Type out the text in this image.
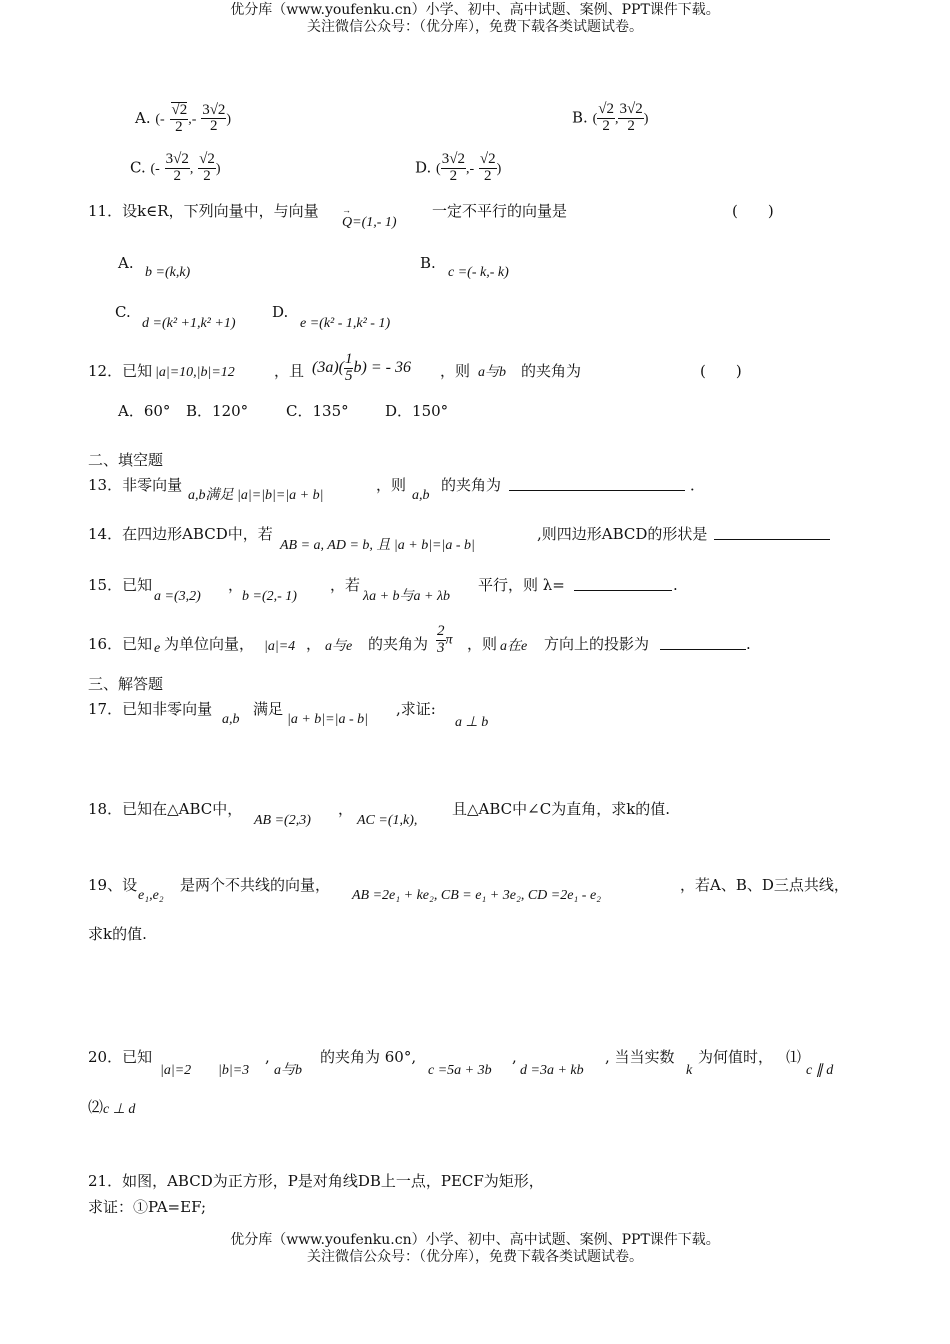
优分库（www.youfenku.cn）小学、初中、高中试题、案例、PPT课件下载。
关注微信公众号：（优分库），免费下载各类试题试卷。
A. (- $\frac{√2}{2}$ ,- $\frac{3√2}{2}$ )	B. ( $\frac{√2}{2}$ , $\frac{3√2}{2}$ )
C. (- $\frac{3√2}{2}$ , $\frac{√2}{2}$ )	D. ( $\frac{3√2}{2}$ ,- $\frac{√2}{2}$ )
11．设k∈R，下列向量中，与向量
→ Q=(1,- 1)
一定不平行的向量是	(　　)
A.
b =(k,k)
B.
c =(- k,- k)
C.
d =(k² +1,k² +1)
D.
e =(k² - 1,k² - 1)
12．已知 |a|=10,|b|=12	，且 $(3a)( \frac{1}{5} b)$ = - 36 ，则 a与b 的夹角为	(　　)
A．60° B．120°	C．135° D．150°
二、填空题
13．非零向量
a,b满足 |a|=|b|=|a + b|
，则
a,b
的夹角为	．
14．在四边形ABCD中，若
AB = a, AD = b, 且 |a + b|=|a - b|
,则四边形ABCD的形状是
15．已知
a =(3,2)
，
b =(2,- 1)
，若
λa + b与a + λb
平行，则 λ=	.
16．已知 e 为单位向量， |a|=4 ， a与e 的夹角为 $\frac{2}{3}$ π ，则 a在e 方向上的投影为	.
三、解答题
17．已知非零向量
a,b
满足
|a + b|=|a - b|
,求证:
a ⊥ b
18．已知在△ABC中，
AB =(2,3)
，
AC =(1,k),
且△ABC中∠C为直角，求k的值.
19、设
e₁,e₂
是两个不共线的向量，
AB =2e₁ + ke₂, CB = e₁ + 3e₂, CD =2e₁ - e₂
，若A、B、D三点共线，
求k的值.
20．已知
|a|=2 |b|=3
,
a与b
的夹角为 60°,
c =5a + 3b
,
d =3a + kb
, 当当实数
k
为何值时， ⑴
c ∥ d
⑵ c ⊥ d
21．如图，ABCD为正方形，P是对角线DB上一点，PECF为矩形，
求证：①PA=EF;
优分库（www.youfenku.cn）小学、初中、高中试题、案例、PPT课件下载。
关注微信公众号：（优分库），免费下载各类试题试卷。
